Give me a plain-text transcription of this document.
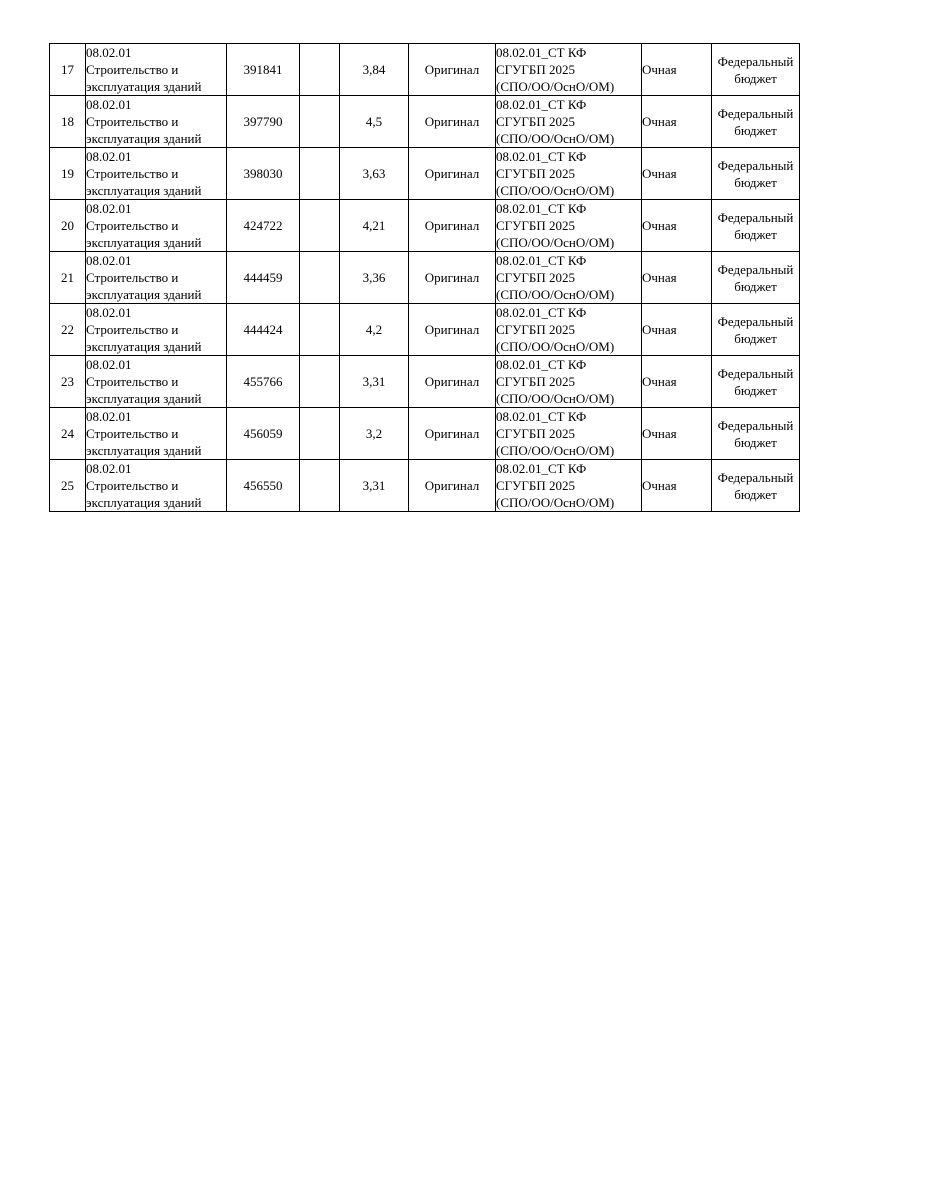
17	08.02.01
Строительство и
эксплуатация зданий	391841		3,84	Оригинал	08.02.01_СТ КФ
СГУГБП 2025
(СПО/ОО/ОснО/ОМ)	Очная	Федеральный
бюджет

18	08.02.01
Строительство и
эксплуатация зданий	397790		4,5	Оригинал	08.02.01_СТ КФ
СГУГБП 2025
(СПО/ОО/ОснО/ОМ)	Очная	Федеральный
бюджет

19	08.02.01
Строительство и
эксплуатация зданий	398030		3,63	Оригинал	08.02.01_СТ КФ
СГУГБП 2025
(СПО/ОО/ОснО/ОМ)	Очная	Федеральный
бюджет

20	08.02.01
Строительство и
эксплуатация зданий	424722		4,21	Оригинал	08.02.01_СТ КФ
СГУГБП 2025
(СПО/ОО/ОснО/ОМ)	Очная	Федеральный
бюджет

21	08.02.01
Строительство и
эксплуатация зданий	444459		3,36	Оригинал	08.02.01_СТ КФ
СГУГБП 2025
(СПО/ОО/ОснО/ОМ)	Очная	Федеральный
бюджет

22	08.02.01
Строительство и
эксплуатация зданий	444424		4,2	Оригинал	08.02.01_СТ КФ
СГУГБП 2025
(СПО/ОО/ОснО/ОМ)	Очная	Федеральный
бюджет

23	08.02.01
Строительство и
эксплуатация зданий	455766		3,31	Оригинал	08.02.01_СТ КФ
СГУГБП 2025
(СПО/ОО/ОснО/ОМ)	Очная	Федеральный
бюджет

24	08.02.01
Строительство и
эксплуатация зданий	456059		3,2	Оригинал	08.02.01_СТ КФ
СГУГБП 2025
(СПО/ОО/ОснО/ОМ)	Очная	Федеральный
бюджет

25	08.02.01
Строительство и
эксплуатация зданий	456550		3,31	Оригинал	08.02.01_СТ КФ
СГУГБП 2025
(СПО/ОО/ОснО/ОМ)	Очная	Федеральный
бюджет
